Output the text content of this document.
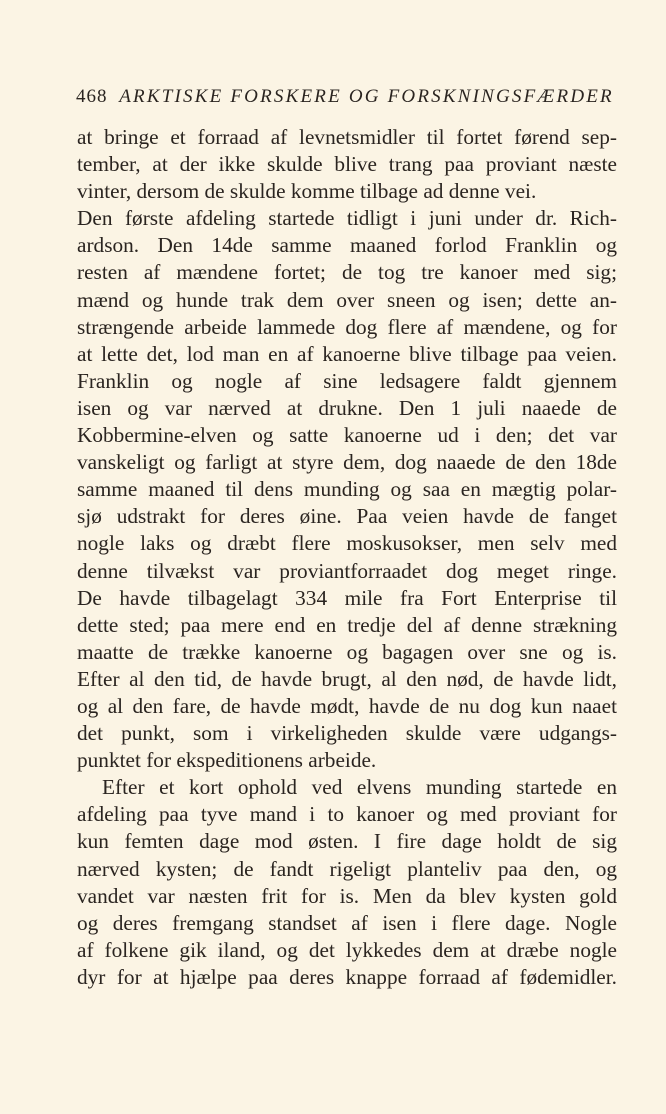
468 ARKTISKE FORSKERE OG FORSKNINGSFÆRDER
at bringe et forraad af levnetsmidler til fortet førend sep-
tember, at der ikke skulde blive trang paa proviant næste
vinter, dersom de skulde komme tilbage ad denne vei.
Den første afdeling startede tidligt i juni under dr. Rich-
ardson. Den 14de samme maaned forlod Franklin og
resten af mændene fortet; de tog tre kanoer med sig;
mænd og hunde trak dem over sneen og isen; dette an-
strængende arbeide lammede dog flere af mændene, og for
at lette det, lod man en af kanoerne blive tilbage paa veien.
Franklin og nogle af sine ledsagere faldt gjennem
isen og var nærved at drukne. Den 1 juli naaede de
Kobbermine-elven og satte kanoerne ud i den; det var
vanskeligt og farligt at styre dem, dog naaede de den 18de
samme maaned til dens munding og saa en mægtig polar-
sjø udstrakt for deres øine. Paa veien havde de fanget
nogle laks og dræbt flere moskusokser, men selv med
denne tilvækst var proviantforraadet dog meget ringe.
De havde tilbagelagt 334 mile fra Fort Enterprise til
dette sted; paa mere end en tredje del af denne strækning
maatte de trække kanoerne og bagagen over sne og is.
Efter al den tid, de havde brugt, al den nød, de havde lidt,
og al den fare, de havde mødt, havde de nu dog kun naaet
det punkt, som i virkeligheden skulde være udgangs-
punktet for ekspeditionens arbeide.
Efter et kort ophold ved elvens munding startede en
afdeling paa tyve mand i to kanoer og med proviant for
kun femten dage mod østen. I fire dage holdt de sig
nærved kysten; de fandt rigeligt planteliv paa den, og
vandet var næsten frit for is. Men da blev kysten gold
og deres fremgang standset af isen i flere dage. Nogle
af folkene gik iland, og det lykkedes dem at dræbe nogle
dyr for at hjælpe paa deres knappe forraad af fødemidler.
